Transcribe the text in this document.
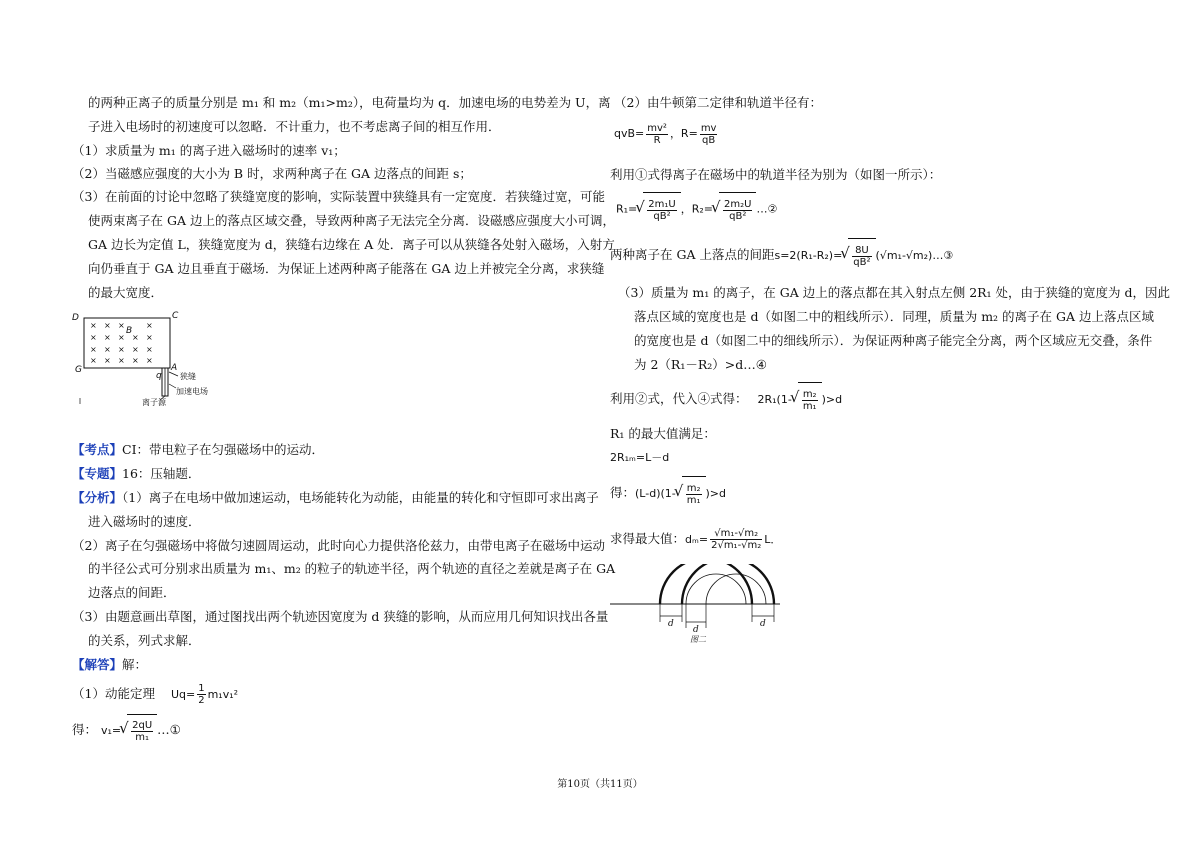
的两种正离子的质量分别是 m₁ 和 m₂（m₁>m₂），电荷量均为 q．加速电场的电势差为 U，离
子进入电场时的初速度可以忽略．不计重力，也不考虑离子间的相互作用．
（1）求质量为 m₁ 的离子进入磁场时的速率 v₁；
（2）当磁感应强度的大小为 B 时，求两种离子在 GA 边落点的间距 s；
（3）在前面的讨论中忽略了狭缝宽度的影响，实际装置中狭缝具有一定宽度．若狭缝过宽，可能
使两束离子在 GA 边上的落点区域交叠，导致两种离子无法完全分离．设磁感应强度大小可调，
GA 边长为定值 L，狭缝宽度为 d，狭缝右边缘在 A 处．离子可以从狭缝各处射入磁场，入射方
向仍垂直于 GA 边且垂直于磁场．为保证上述两种离子能落在 GA 边上并被完全分离，求狭缝
的最大宽度．
D	C
G	A
B
q 狭缝
加速电场
离子源
× × ×	×
× × × × ×
× × × × ×
× × × × ×
【考点】CI：带电粒子在匀强磁场中的运动．
【专题】16：压轴题．
【分析】（1）离子在电场中做加速运动，电场能转化为动能，由能量的转化和守恒即可求出离子
进入磁场时的速度．
（2）离子在匀强磁场中将做匀速圆周运动，此时向心力提供洛伦兹力，由带电离子在磁场中运动
的半径公式可分别求出质量为 m₁、m₂ 的粒子的轨迹半径，两个轨迹的直径之差就是离子在 GA
边落点的间距．
（3）由题意画出草图，通过图找出两个轨迹因宽度为 d 狭缝的影响，从而应用几何知识找出各量
的关系，列式求解．
【解答】解：
（1）动能定理 $Uq= \frac{1}{2} m_1v_1^2$
得： v₁= √ $\frac{2qU}{\text{m₁}}$ …①
（2）由牛顿第二定律和轨道半径有：
$qvB= \frac{\text{mv²}}{R}$ ，$R= \frac{mv}{qB}$
利用①式得离子在磁场中的轨道半径为别为（如图一所示）：
R₁= √ $\frac{\text{2m₁U}}{\text{qB²}}$ ，R₂= √ $\frac{\text{2m₂U}}{\text{qB²}}$ …②
两种离子在 GA 上落点的间距s=2(R₁-R₂)= √ $\frac{8U}{\text{qB²}}$ (√m₁-√m₂)…③
（3）质量为 m₁ 的离子，在 GA 边上的落点都在其入射点左侧 2R₁ 处，由于狭缝的宽度为 d，因此
落点区域的宽度也是 d（如图二中的粗线所示）．同理，质量为 m₂ 的离子在 GA 边上落点区域
的宽度也是 d（如图二中的细线所示）．为保证两种离子能完全分离，两个区域应无交叠，条件
为 2（R₁－R₂）>d…④
利用②式，代入④式得： 2R₁(1- √ $\frac{\text{m₂}}{\text{m₁}} )>d$
R₁ 的最大值满足：
2R₁ₘ=L－d
得：(L-d)(1- √ $\frac{\text{m₂}}{\text{m₁}} )>d$
求得最大值：$d_m= \frac{\text{√m₁-√m₂}}{\text{2√m₁-√m₂}}$ L．
d
d
d
图二
第10页（共11页）
